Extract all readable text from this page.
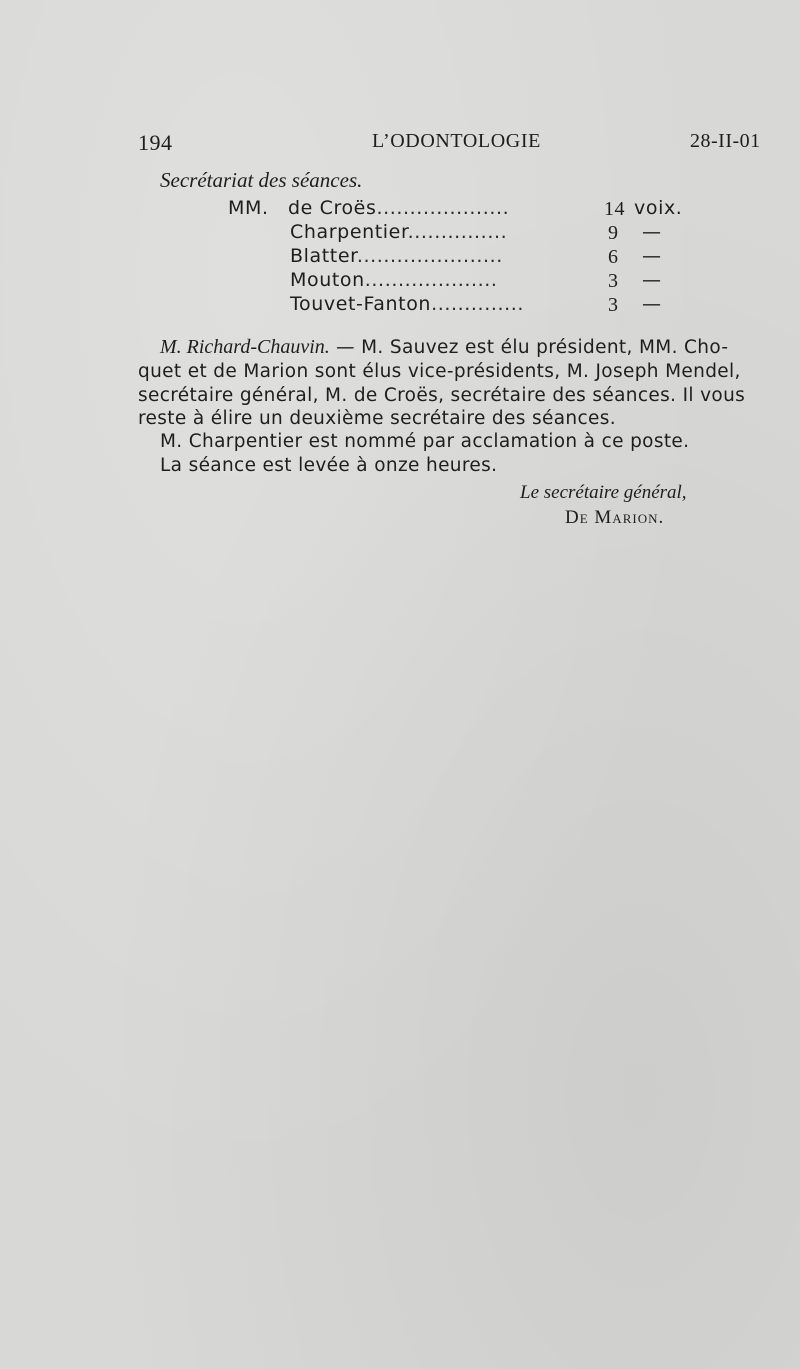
194	L’ODONTOLOGIE	28-II-01
Secrétariat des séances.
MM. de Croës....................	14 voix.
Charpentier...............	9 —
Blatter......................	6 —
Mouton....................	3 —
Touvet-Fanton..............	3 —
M. Richard-Chauvin. — M. Sauvez est élu président, MM. Cho-
quet et de Marion sont élus vice-présidents, M. Joseph Mendel,
secrétaire général, M. de Croës, secrétaire des séances. Il vous
reste à élire un deuxième secrétaire des séances.
M. Charpentier est nommé par acclamation à ce poste.
La séance est levée à onze heures.
Le secrétaire général,
De Marion.
